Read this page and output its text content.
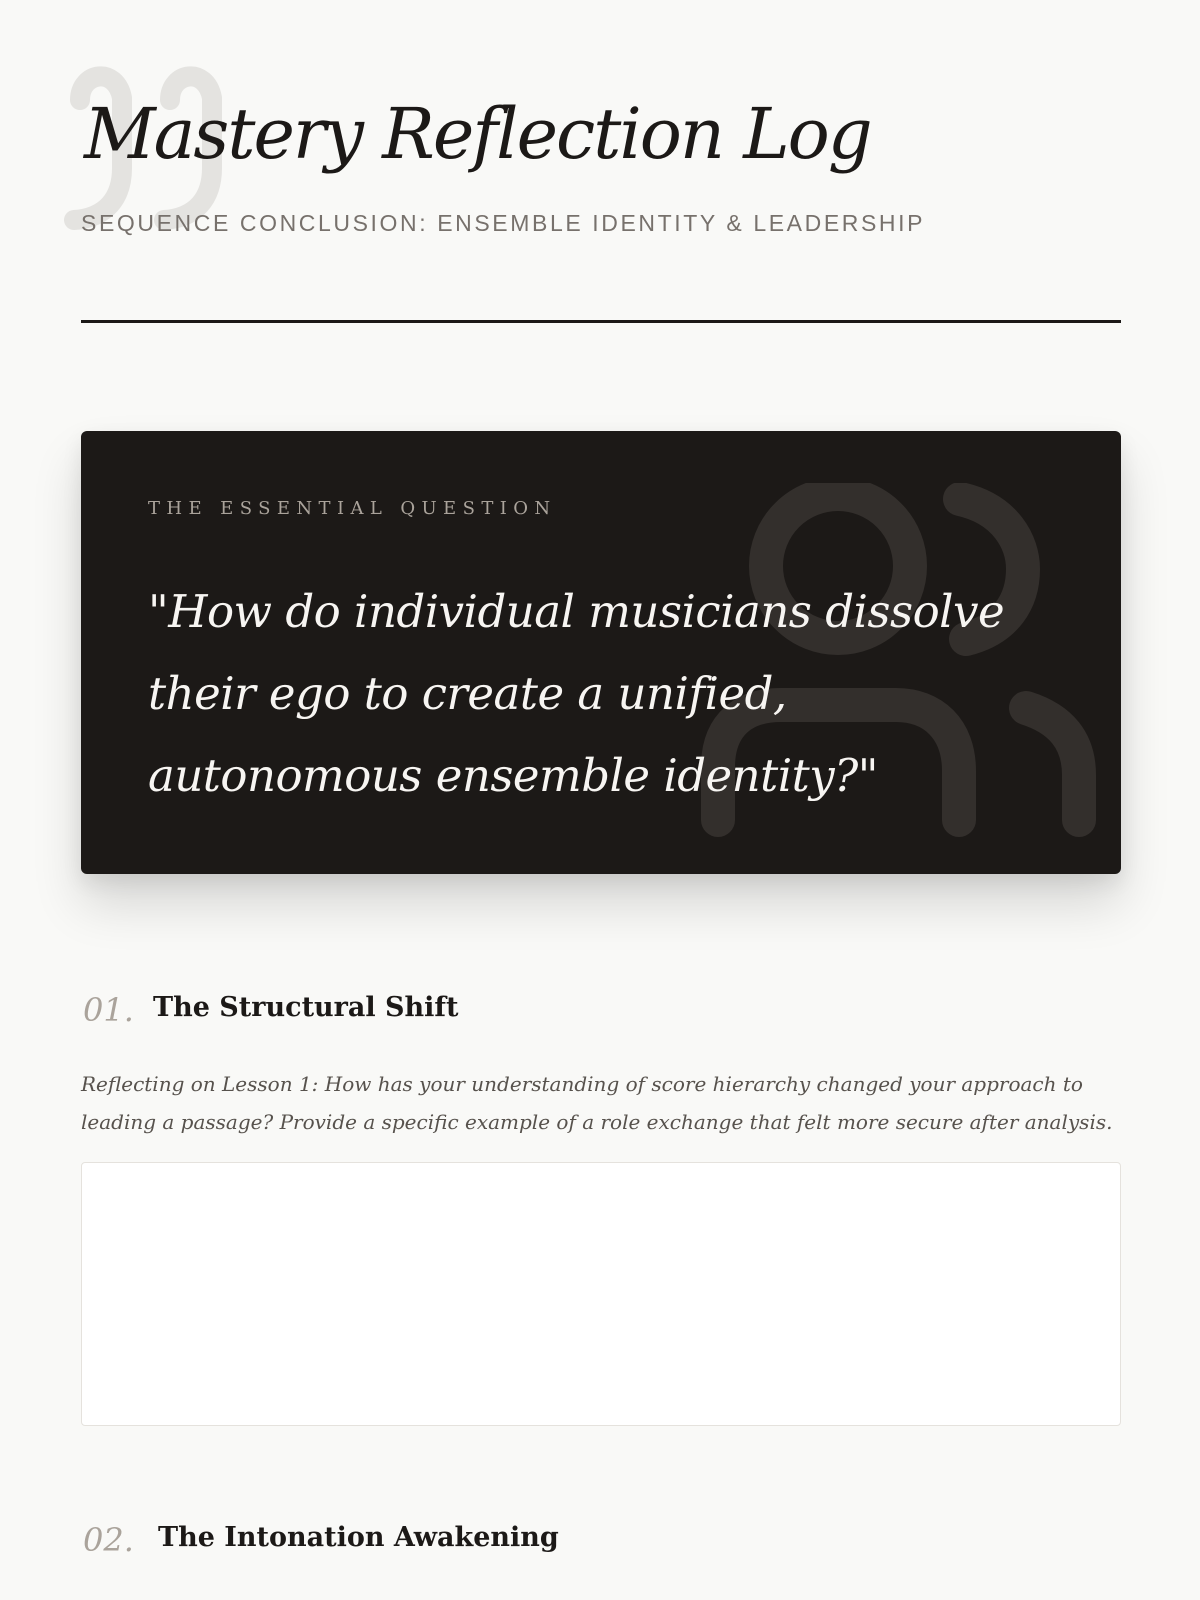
Mastery Reflection Log

SEQUENCE CONCLUSION: ENSEMBLE IDENTITY & LEADERSHIP

THE ESSENTIAL QUESTION

"How do individual musicians dissolve their ego to create a unified, autonomous ensemble identity?"

01. The Structural Shift

Reflecting on Lesson 1: How has your understanding of score hierarchy changed your approach to leading a passage? Provide a specific example of a role exchange that felt more secure after analysis.

02. The Intonation Awakening
